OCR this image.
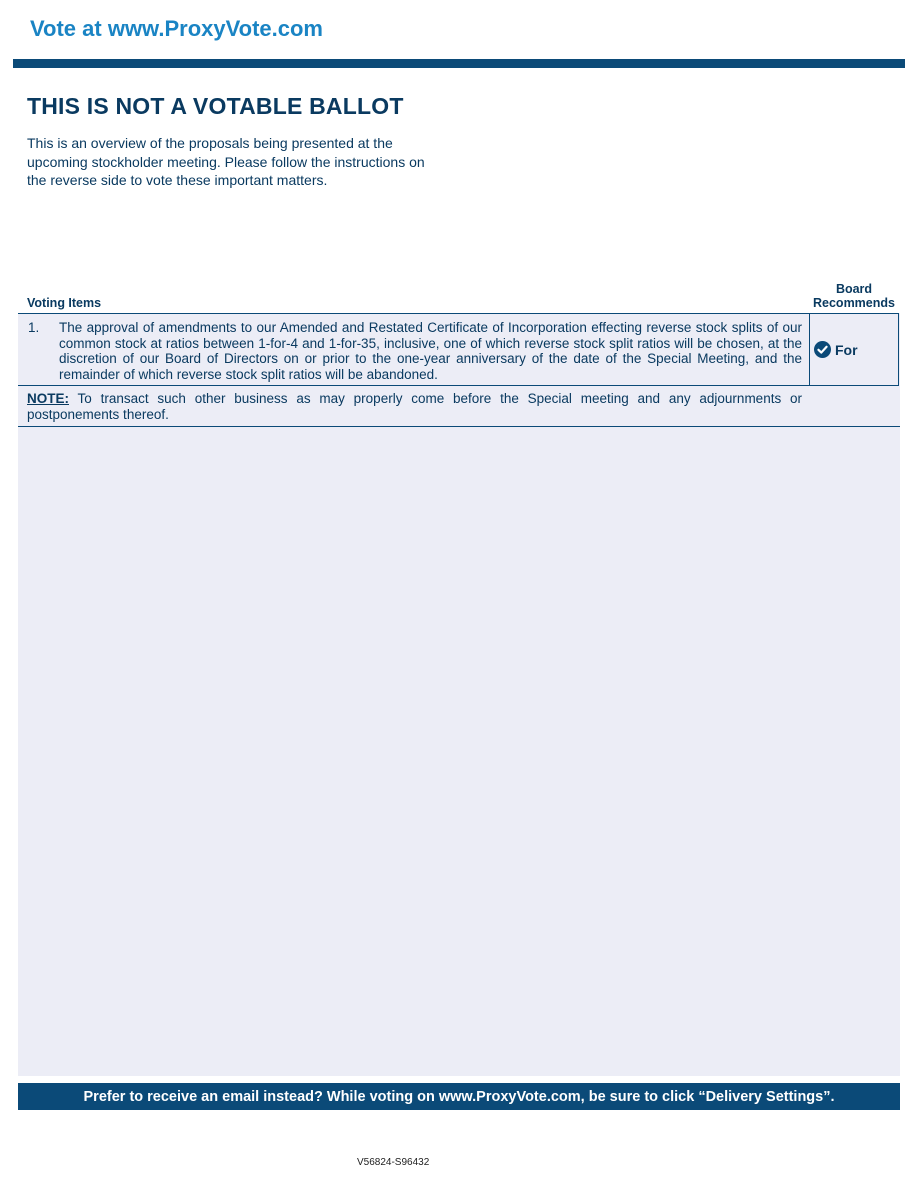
Vote at www.ProxyVote.com
THIS IS NOT A VOTABLE BALLOT
This is an overview of the proposals being presented at the upcoming stockholder meeting. Please follow the instructions on the reverse side to vote these important matters.
Board Recommends
Voting Items
1. The approval of amendments to our Amended and Restated Certificate of Incorporation effecting reverse stock splits of our common stock at ratios between 1-for-4 and 1-for-35, inclusive, one of which reverse stock split ratios will be chosen, at the discretion of our Board of Directors on or prior to the one-year anniversary of the date of the Special Meeting, and the remainder of which reverse stock split ratios will be abandoned.
For
NOTE: To transact such other business as may properly come before the Special meeting and any adjournments or postponements thereof.
Prefer to receive an email instead? While voting on www.ProxyVote.com, be sure to click “Delivery Settings”.
V56824-S96432
